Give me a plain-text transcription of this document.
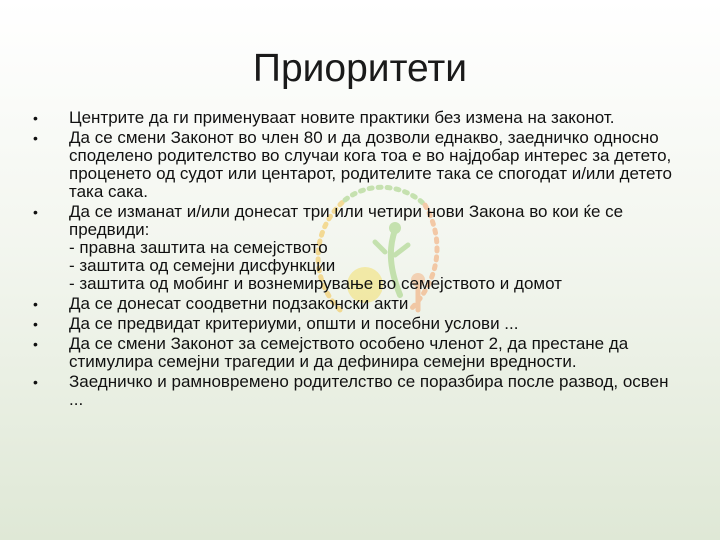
Приоритети
•	Центрите да ги применуваат новите практики без измена на законот.
•	Да се смени Законот во член 80 и да дозволи еднакво, заедничко односно споделено родителство во случаи кога тоа е во најдобар интерес за детето, проценето од судот или центарот, родителите така се спогодат и/или детето така сака.
•	Да се изманат и/или донесат три или четири нови Закона во кои ќе се предвиди:
- правна заштита на семејството
- заштита од семејни дисфункции
- заштита од мобинг и вознемирување во семејството и домот
•	Да се донесат соодветни подзаконски акти
•	Да се предвидат критериуми, општи и посебни услови ...
•	Да се смени Законот за семејството особено членот 2, да престане да стимулира семејни трагедии и да дефинира семејни вредности.
•	Заедничко и рамновремено родителство се поразбира после развод, освен ...
